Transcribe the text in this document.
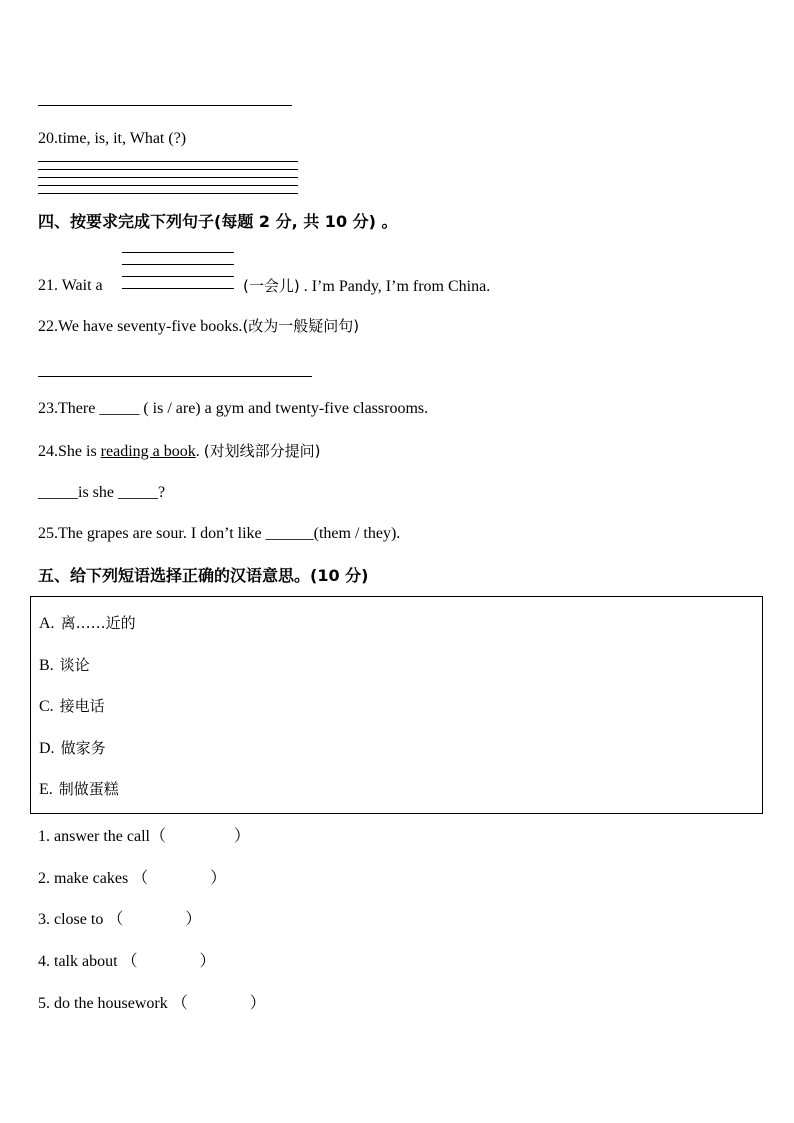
20.time, is, it, What (?)
四、按要求完成下列句子(每题 2 分, 共 10 分) 。
21. Wait a	(一会儿) . I’m Pandy, I’m from China.
22.We have seventy-five books.(改为一般疑问句)
23.There _____ ( is / are) a gym and twenty-five classrooms.
24.She is reading a book. (对划线部分提问)
_____is she _____?
25.The grapes are sour. I don’t like ______(them / they).
五、给下列短语选择正确的汉语意思。(10 分)
A. 离……近的
B. 谈论
C. 接电话
D. 做家务
E. 制做蛋糕
1. answer the call（	）
2. make cakes （	）
3. close to （	）
4. talk about （	）
5. do the housework （	）
